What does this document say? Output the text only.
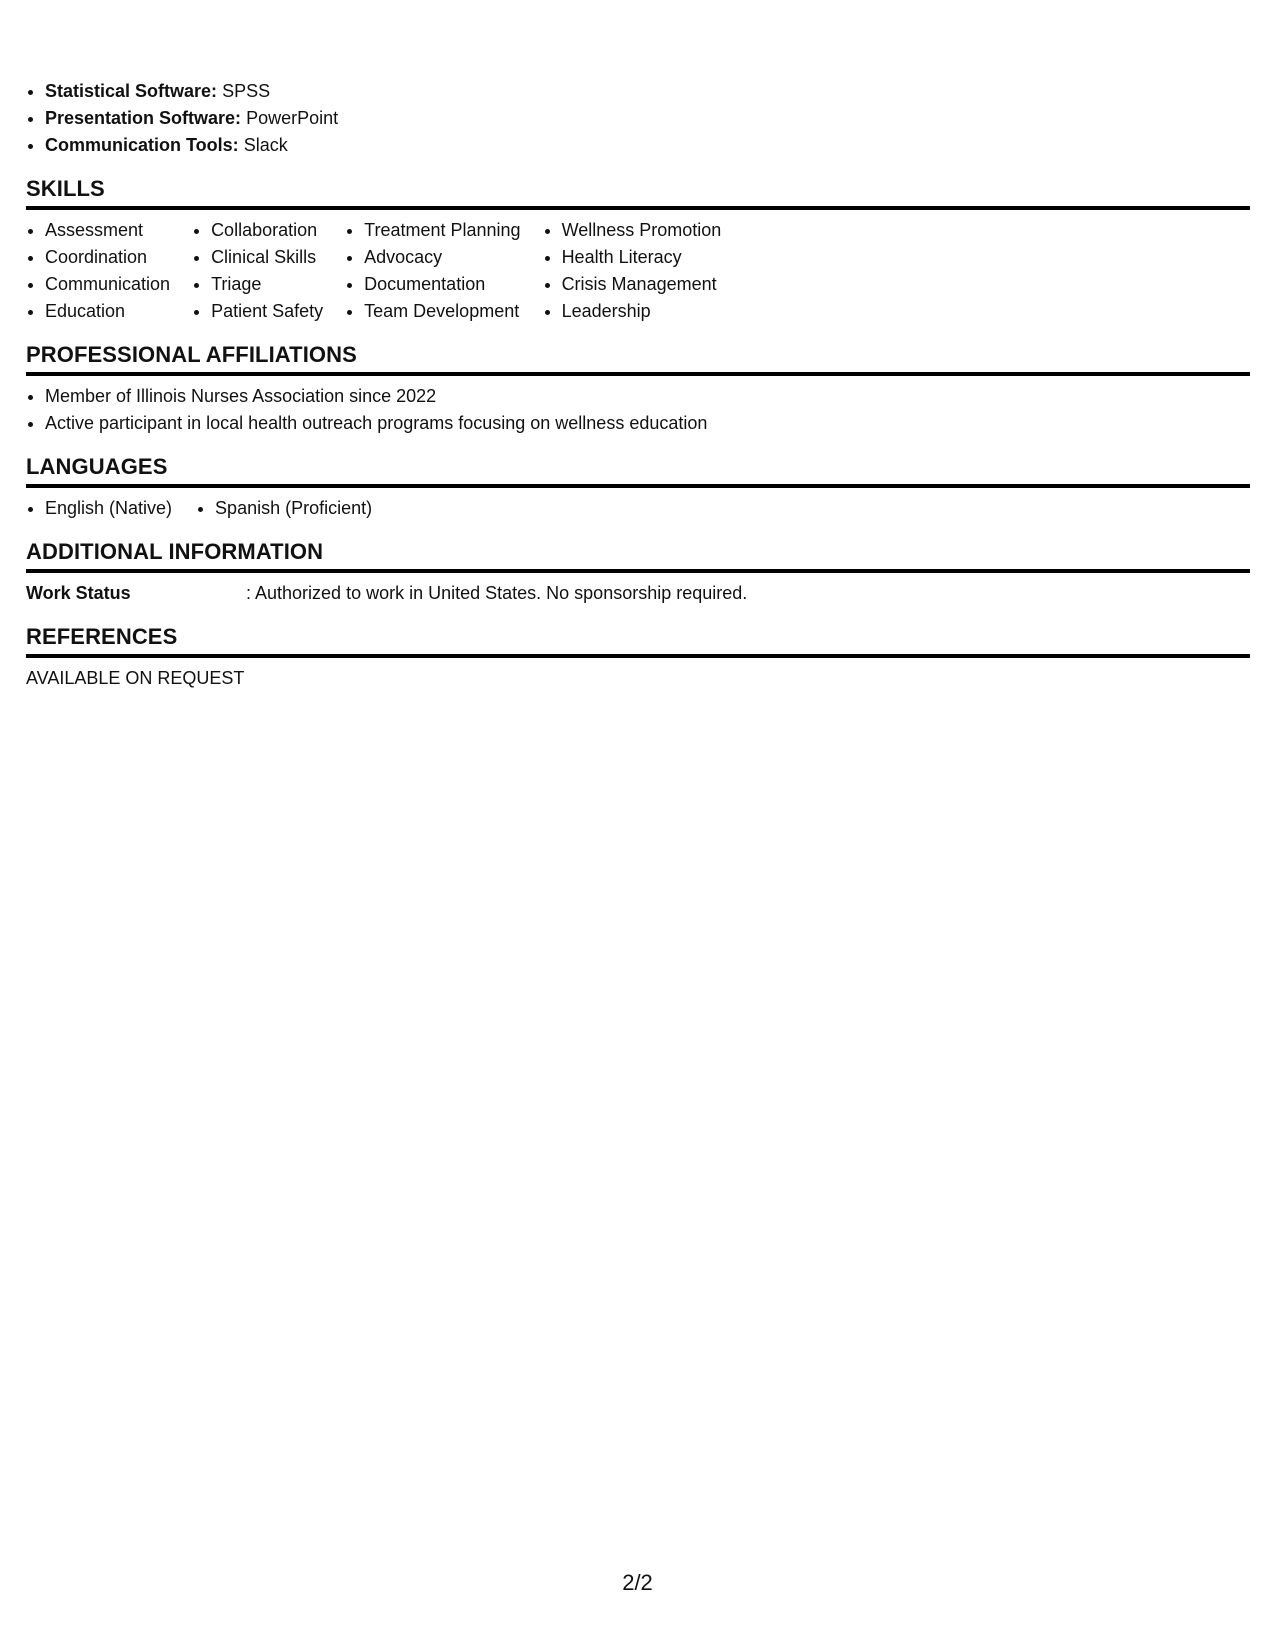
• Statistical Software: SPSS
• Presentation Software: PowerPoint
• Communication Tools: Slack
SKILLS
• Assessment
• Coordination
• Communication
• Education
• Collaboration
• Clinical Skills
• Triage
• Patient Safety
• Treatment Planning
• Advocacy
• Documentation
• Team Development
• Wellness Promotion
• Health Literacy
• Crisis Management
• Leadership
PROFESSIONAL AFFILIATIONS
• Member of Illinois Nurses Association since 2022
• Active participant in local health outreach programs focusing on wellness education
LANGUAGES
• English (Native)
• Spanish (Proficient)
ADDITIONAL INFORMATION
Work Status	: Authorized to work in United States. No sponsorship required.
REFERENCES
AVAILABLE ON REQUEST
2/2
